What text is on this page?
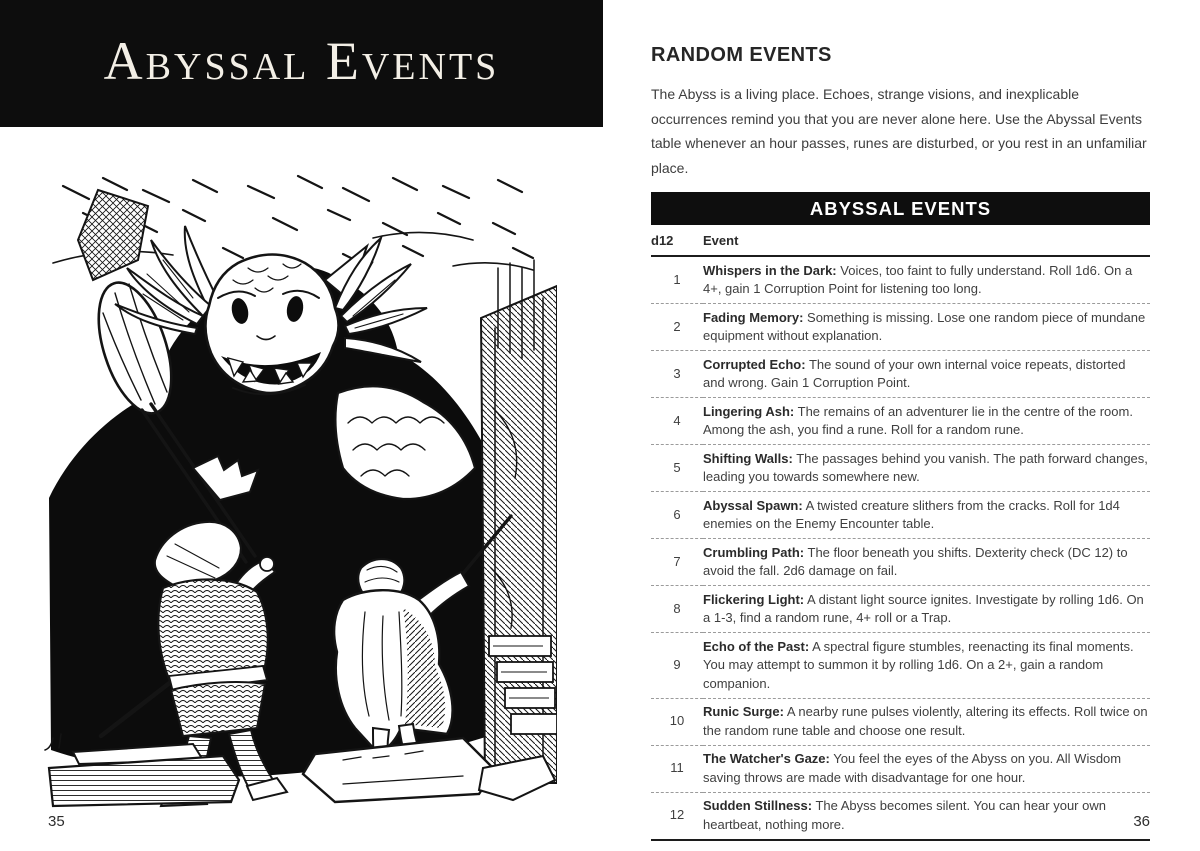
Abyssal Events
35
RANDOM EVENTS

The Abyss is a living place. Echoes, strange visions, and inexplicable occurrences remind you that you are never alone here. Use the Abyssal Events table whenever an hour passes, runes are disturbed, or you rest in an unfamiliar place.

ABYSSAL EVENTS
d12	Event
1	Whispers in the Dark: Voices, too faint to fully understand. Roll 1d6. On a 4+, gain 1 Corruption Point for listening too long.
2	Fading Memory: Something is missing. Lose one random piece of mundane equipment without explanation.
3	Corrupted Echo: The sound of your own internal voice repeats, distorted and wrong. Gain 1 Corruption Point.
4	Lingering Ash: The remains of an adventurer lie in the centre of the room. Among the ash, you find a rune. Roll for a random rune.
5	Shifting Walls: The passages behind you vanish. The path forward changes, leading you towards somewhere new.
6	Abyssal Spawn: A twisted creature slithers from the cracks. Roll for 1d4 enemies on the Enemy Encounter table.
7	Crumbling Path: The floor beneath you shifts. Dexterity check (DC 12) to avoid the fall. 2d6 damage on fail.
8	Flickering Light: A distant light source ignites. Investigate by rolling 1d6. On a 1-3, find a random rune, 4+ roll or a Trap.
9	Echo of the Past: A spectral figure stumbles, reenacting its final moments. You may attempt to summon it by rolling 1d6. On a 2+, gain a random companion.
10	Runic Surge: A nearby rune pulses violently, altering its effects. Roll twice on the random rune table and choose one result.
11	The Watcher's Gaze: You feel the eyes of the Abyss on you. All Wisdom saving throws are made with disadvantage for one hour.
12	Sudden Stillness: The Abyss becomes silent. You can hear your own heartbeat, nothing more.	36
